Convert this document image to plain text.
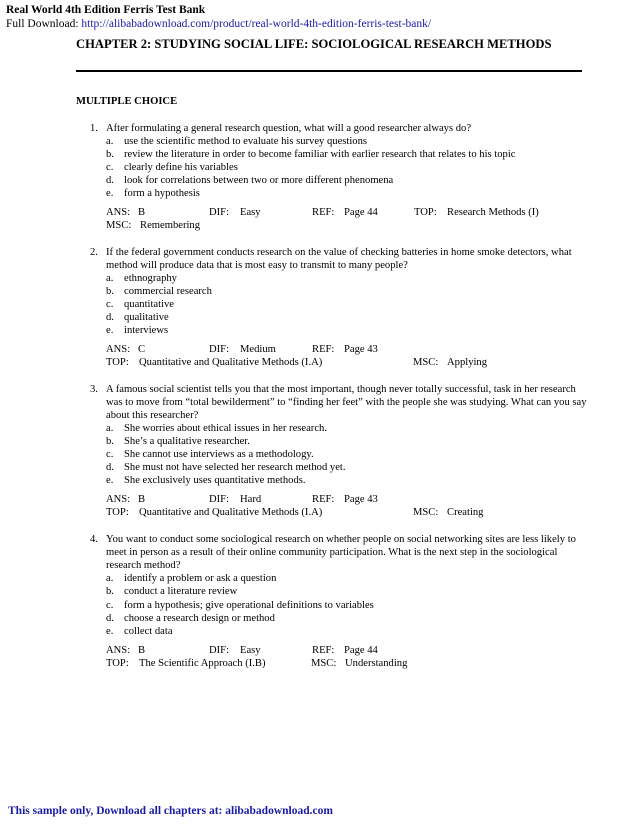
Real World 4th Edition Ferris Test Bank
Full Download: http://alibabadownload.com/product/real-world-4th-edition-ferris-test-bank/
CHAPTER 2: STUDYING SOCIAL LIFE: SOCIOLOGICAL RESEARCH METHODS
MULTIPLE CHOICE
1. After formulating a general research question, what will a good researcher always do?
a. use the scientific method to evaluate his survey questions
b. review the literature in order to become familiar with earlier research that relates to his topic
c. clearly define his variables
d. look for correlations between two or more different phenomena
e. form a hypothesis
ANS: B	DIF:	Easy	REF: Page 44	TOP: Research Methods (I)
MSC: Remembering
2. If the federal government conducts research on the value of checking batteries in home smoke detectors, what method will produce data that is most easy to transmit to many people?
a. ethnography
b. commercial research
c. quantitative
d. qualitative
e. interviews
ANS: C	DIF:	Medium	REF: Page 43
TOP: Quantitative and Qualitative Methods (I.A)	MSC: Applying
3. A famous social scientist tells you that the most important, though never totally successful, task in her research was to move from “total bewilderment” to “finding her feet” with the people she was studying. What can you say about this researcher?
a. She worries about ethical issues in her research.
b. She’s a qualitative researcher.
c. She cannot use interviews as a methodology.
d. She must not have selected her research method yet.
e. She exclusively uses quantitative methods.
ANS: B	DIF:	Hard	REF: Page 43
TOP: Quantitative and Qualitative Methods (I.A)	MSC: Creating
4. You want to conduct some sociological research on whether people on social networking sites are less likely to meet in person as a result of their online community participation. What is the next step in the sociological research method?
a. identify a problem or ask a question
b. conduct a literature review
c. form a hypothesis; give operational definitions to variables
d. choose a research design or method
e. collect data
ANS: B	DIF:	Easy	REF: Page 44
TOP: The Scientific Approach (I.B)	MSC: Understanding
This sample only, Download all chapters at: alibabadownload.com
